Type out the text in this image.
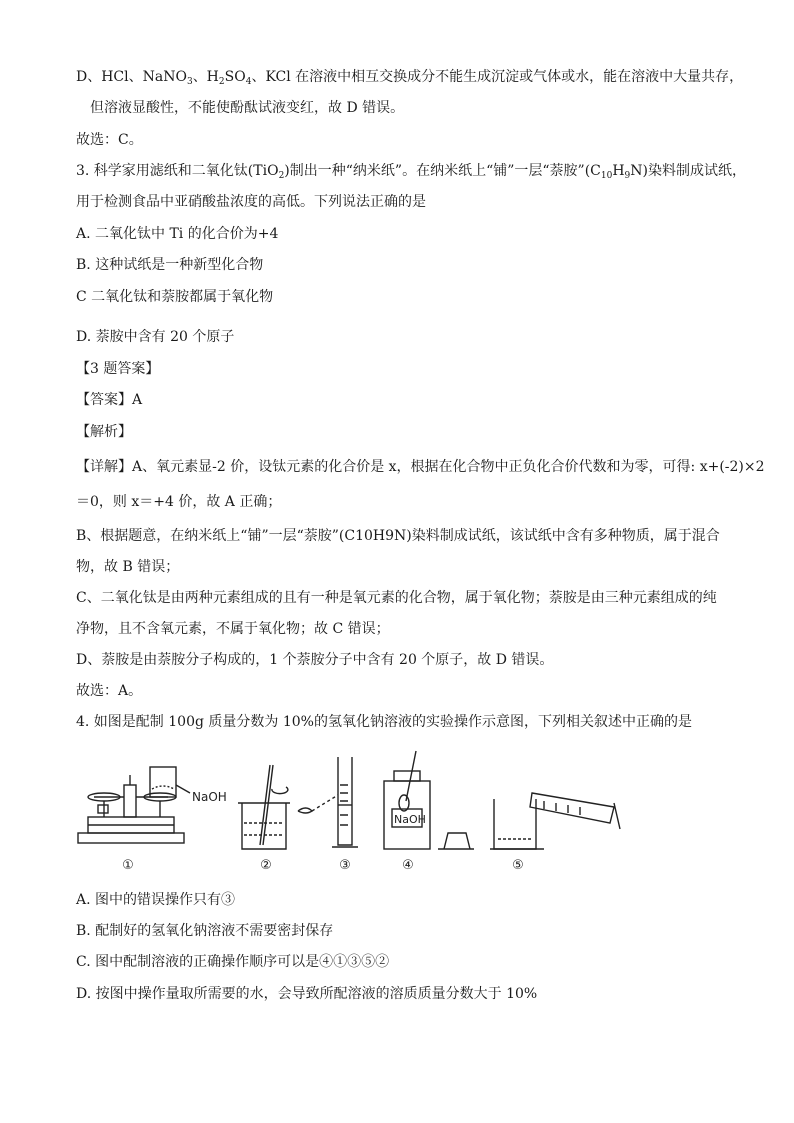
D、HCl、NaNO$_3$、$H_2SO_4$、KCl 在溶液中相互交换成分不能生成沉淀或气体或水，能在溶液中大量共存，
但溶液显酸性，不能使酚酞试液变红，故 D 错误。
故选：C。
3. 科学家用滤纸和二氧化钛(TiO$_2$)制出一种“纳米纸”。在纳米纸上“铺”一层“萘胺$”(C_{10}H_9N)$染料制成试纸，
用于检测食品中亚硝酸盐浓度的高低。下列说法正确的是
A. 二氧化钛中 Ti 的化合价为+4
B. 这种试纸是一种新型化合物
C 二氧化钛和萘胺都属于氧化物
D. 萘胺中含有 20 个原子
【3 题答案】
【答案】A
【解析】
【详解】A、氧元素显-2 价，设钛元素的化合价是 x，根据在化合物中正负化合价代数和为零，可得: x+(-2)×2
＝0，则 x＝+4 价，故 A 正确；
B、根据题意，在纳米纸上“铺”一层“萘胺”(C10H9N)染料制成试纸，该试纸中含有多种物质，属于混合
物，故 B 错误；
C、二氧化钛是由两种元素组成的且有一种是氧元素的化合物，属于氧化物；萘胺是由三种元素组成的纯
净物，且不含氧元素，不属于氧化物；故 C 错误；
D、萘胺是由萘胺分子构成的，1 个萘胺分子中含有 20 个原子，故 D 错误。
故选：A。
4. 如图是配制 100g 质量分数为 10%的氢氧化钠溶液的实验操作示意图，下列相关叙述中正确的是
NaOH
NaOH
①	②	③	④	⑤
A. 图中的错误操作只有③
B. 配制好的氢氧化钠溶液不需要密封保存
C. 图中配制溶液的正确操作顺序可以是④①③⑤②
D. 按图中操作量取所需要的水，会导致所配溶液的溶质质量分数大于 10%
